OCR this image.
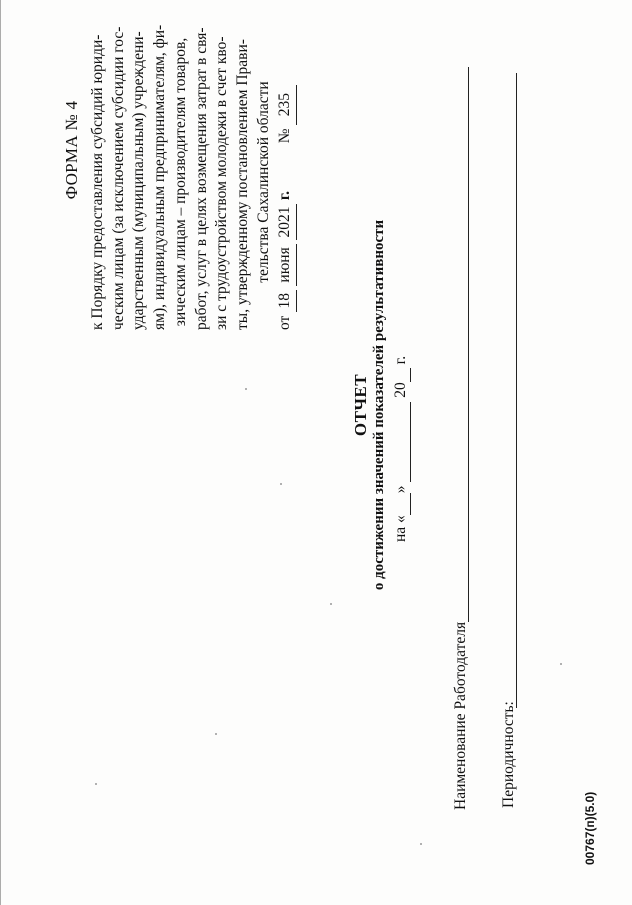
ФОРМА № 4 к Порядку предоставления субсидий юриди- ческим лицам (за исключением субсидии гос- ударственным (муниципальным) учреждени- ям), индивидуальным предпринимателям, фи- зическим лицам – производителям товаров, работ, услуг в целях возмещения затрат в свя- зи с трудоустройством молодежи в счет кво- ты, утвержденному постановлением Прави- тельства Сахалинской области
от 18 июня 2021 г.  № 235
ОТЧЕТ о достижении значений показателей результативности на « »   20  г.
Наименование Работодателя Периодичность:
00767(п)(5.0)
